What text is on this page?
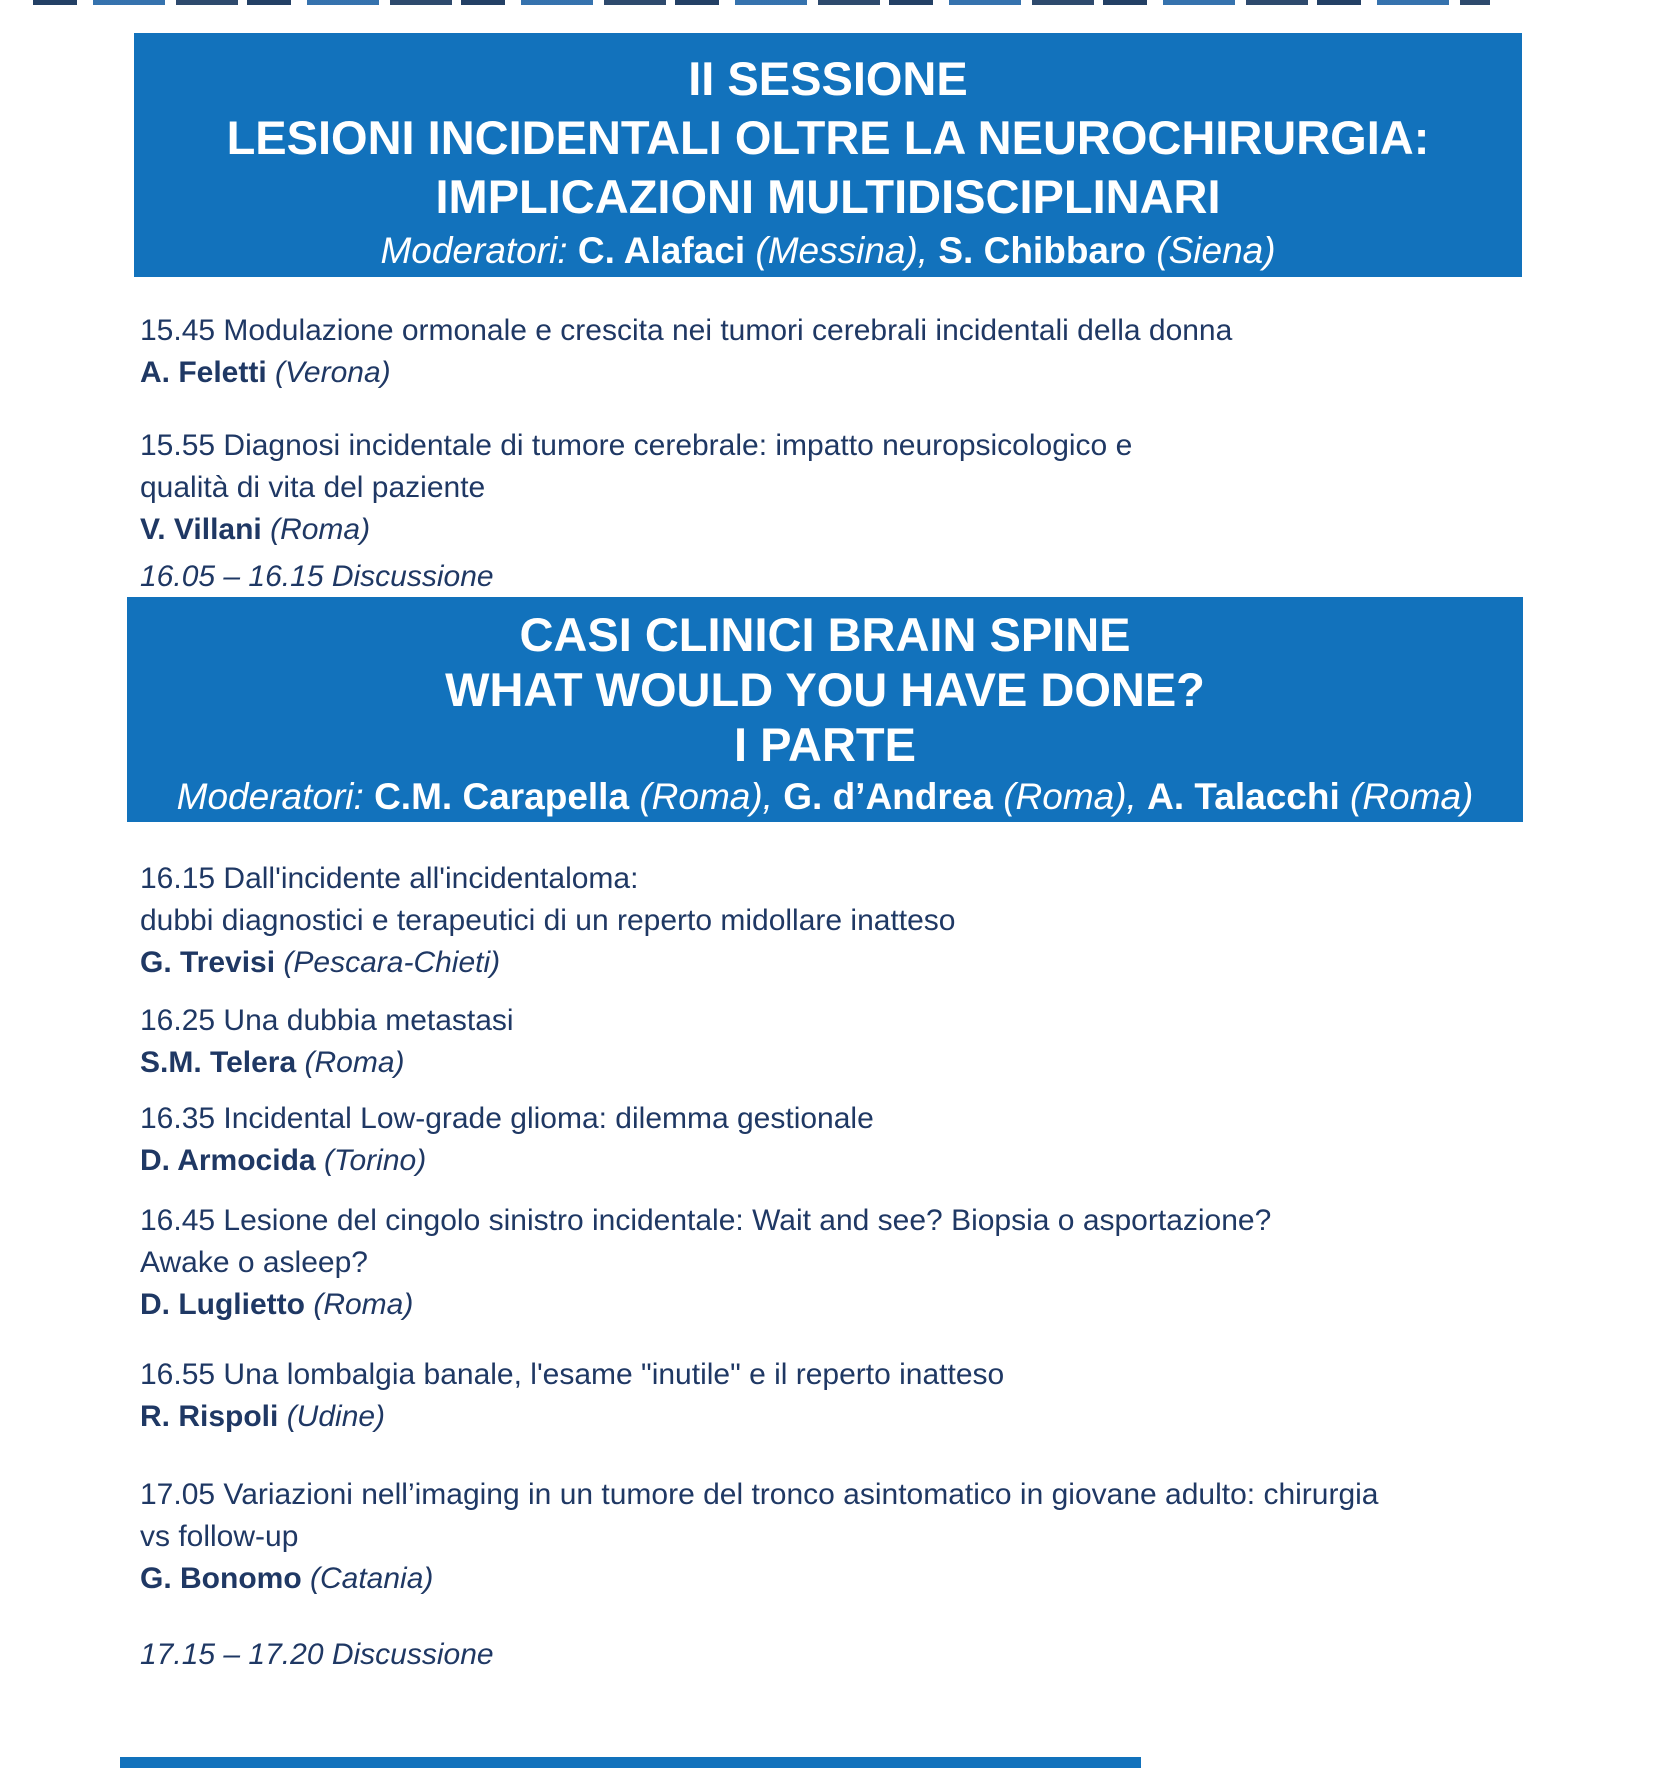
II SESSIONE
LESIONI INCIDENTALI OLTRE LA NEUROCHIRURGIA:
IMPLICAZIONI MULTIDISCIPLINARI
Moderatori: C. Alafaci (Messina), S. Chibbaro (Siena)
15.45 Modulazione ormonale e crescita nei tumori cerebrali incidentali della donna
A. Feletti (Verona)
15.55 Diagnosi incidentale di tumore cerebrale: impatto neuropsicologico e
qualità di vita del paziente
V. Villani (Roma)
16.05 – 16.15 Discussione
CASI CLINICI BRAIN SPINE
WHAT WOULD YOU HAVE DONE?
I PARTE
Moderatori: C.M. Carapella (Roma), G. d’Andrea (Roma), A. Talacchi (Roma)
16.15 Dall'incidente all'incidentaloma:
dubbi diagnostici e terapeutici di un reperto midollare inatteso
G. Trevisi (Pescara-Chieti)
16.25 Una dubbia metastasi
S.M. Telera (Roma)
16.35 Incidental Low-grade glioma: dilemma gestionale
D. Armocida (Torino)
16.45 Lesione del cingolo sinistro incidentale: Wait and see? Biopsia o asportazione?
Awake o asleep?
D. Luglietto (Roma)
16.55 Una lombalgia banale, l'esame "inutile" e il reperto inatteso
R. Rispoli (Udine)
17.05 Variazioni nell’imaging in un tumore del tronco asintomatico in giovane adulto: chirurgia
vs follow-up
G. Bonomo (Catania)
17.15 – 17.20 Discussione
